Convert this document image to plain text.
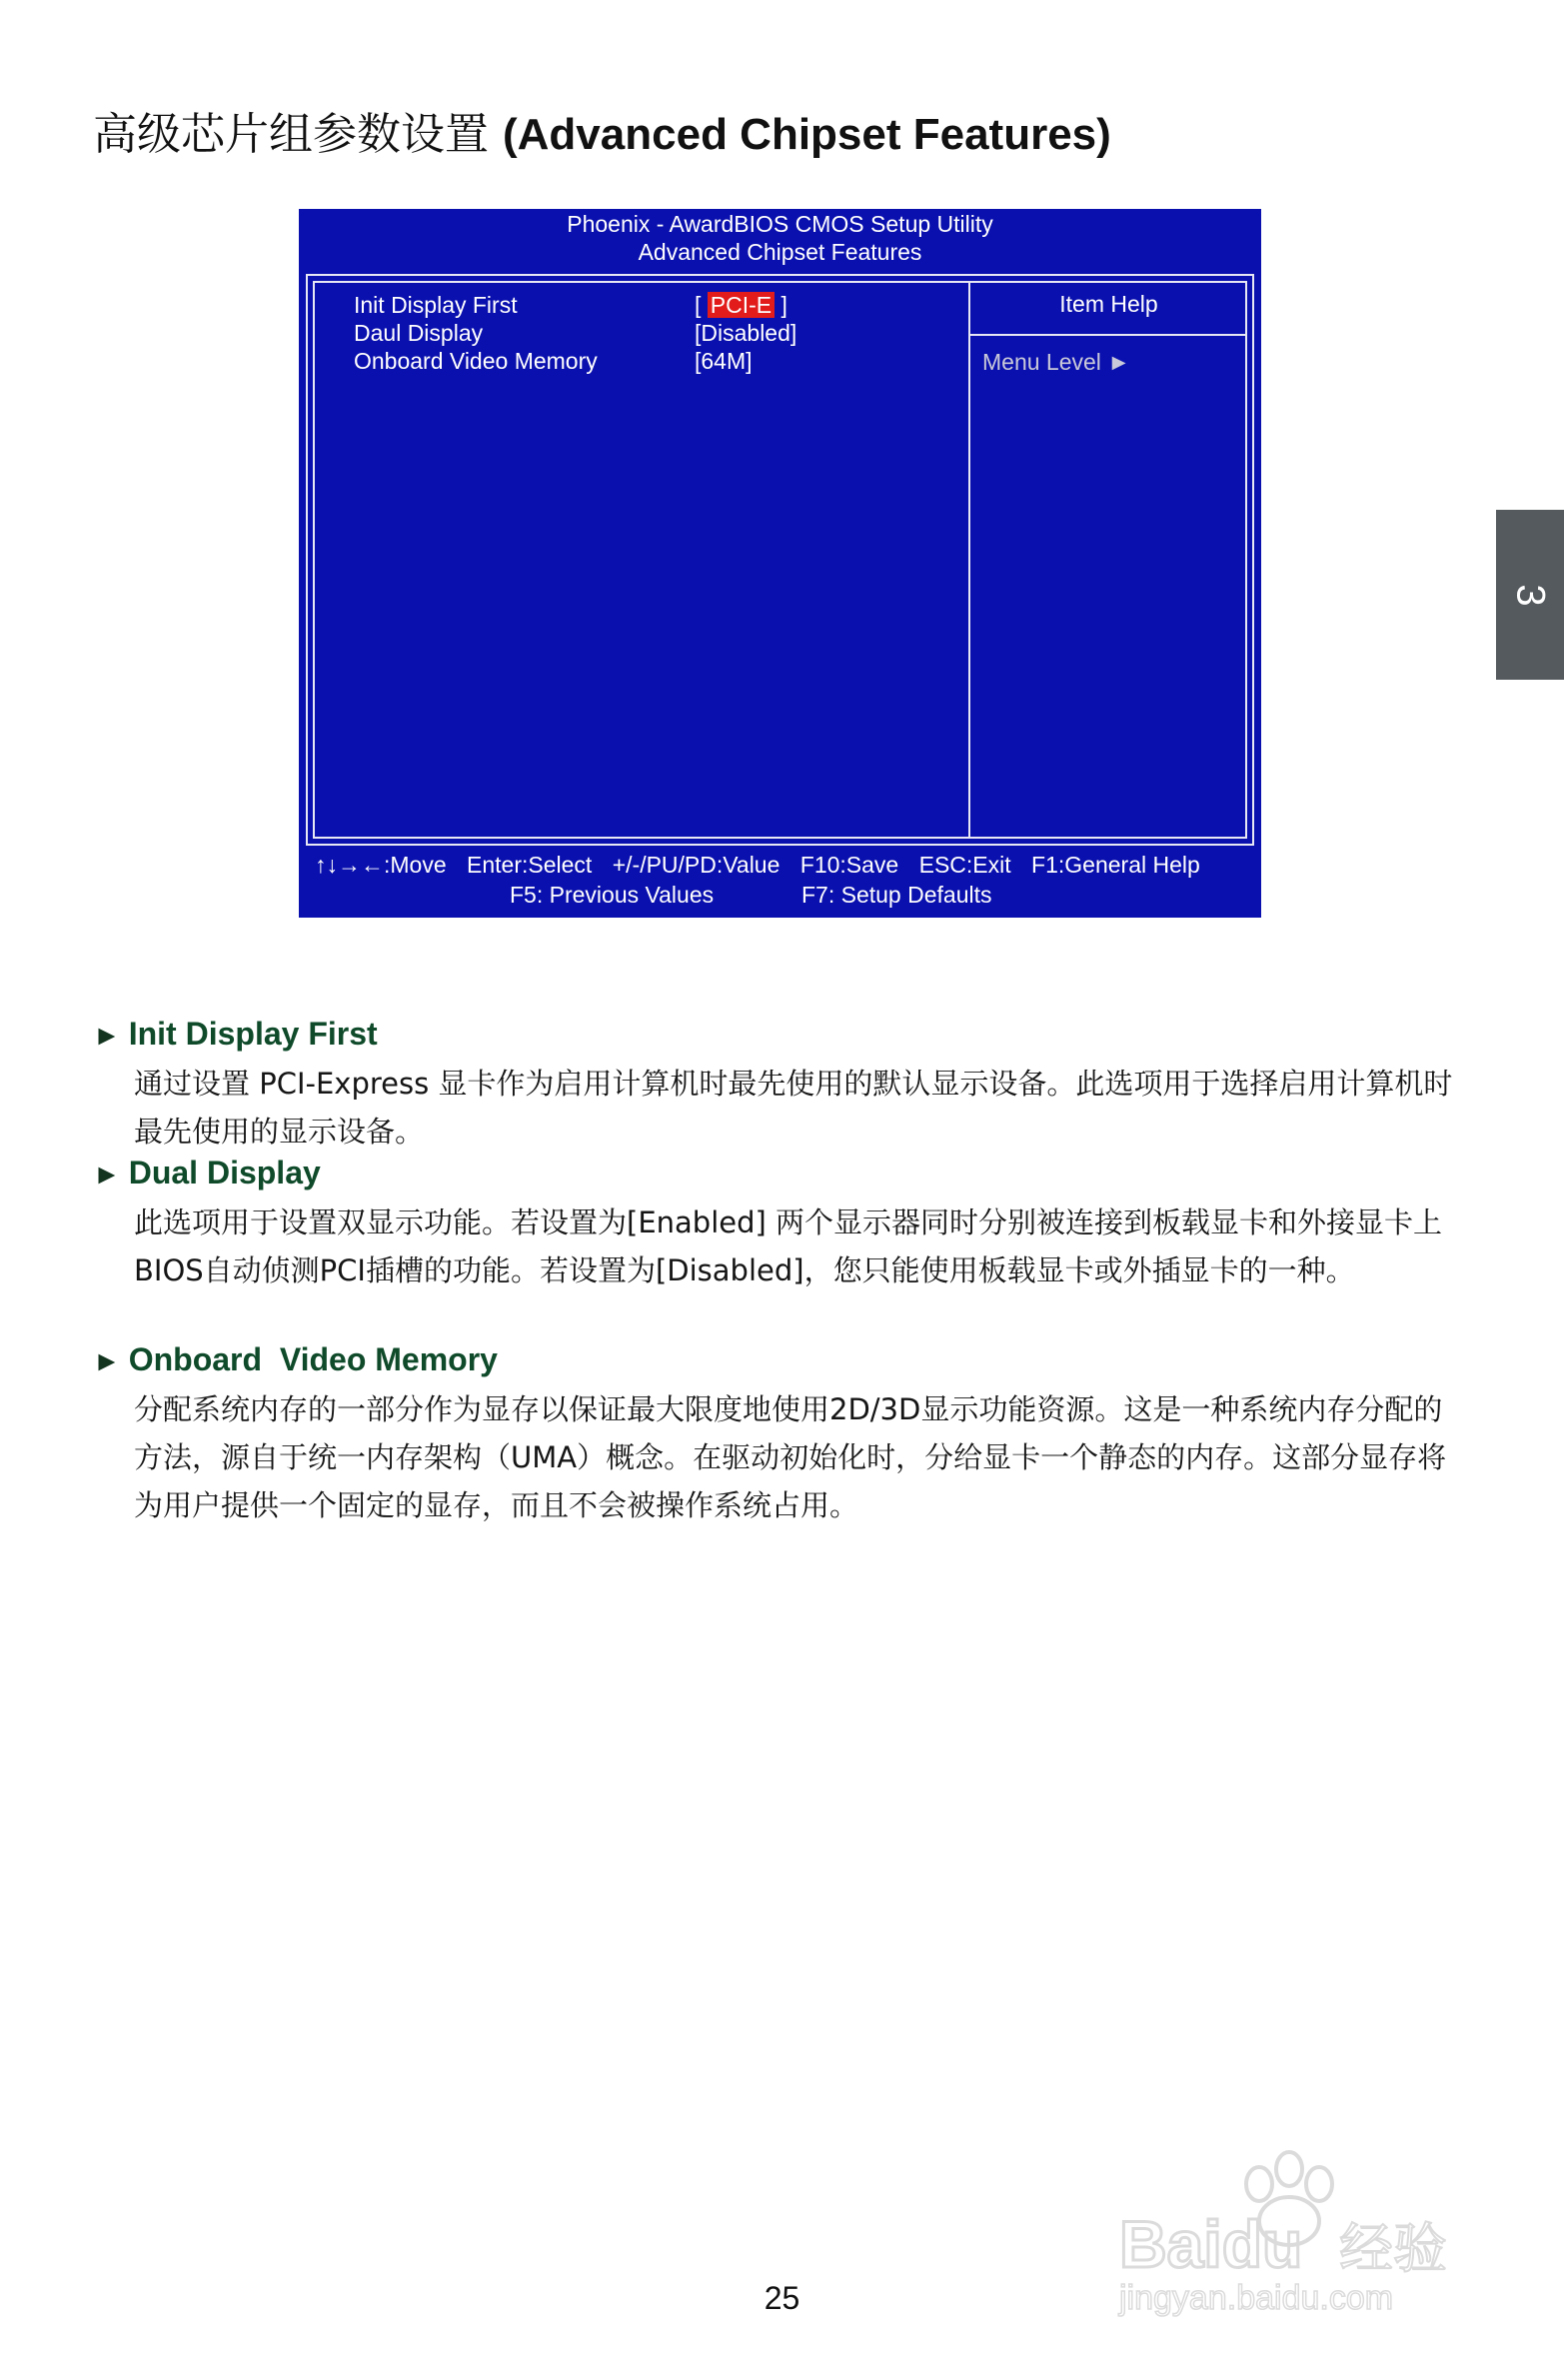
高级芯片组参数设置 (Advanced Chipset Features)
Phoenix - AwardBIOS CMOS Setup Utility
Advanced Chipset Features
Init Display First	[ PCI-E ]
Daul Display	[Disabled]
Onboard Video Memory	[64M]
Item Help
Menu Level ►
↑↓→←:Move Enter:Select +/-/PU/PD:Value F10:Save ESC:Exit F1:General Help
F5: Previous Values	F7: Setup Defaults
3
► Init Display First
通过设置 PCI-Express 显卡作为启用计算机时最先使用的默认显示设备。此选项用于选择启用计算机时最先使用的显示设备。
► Dual Display
此选项用于设置双显示功能。若设置为[Enabled] 两个显示器同时分别被连接到板载显卡和外接显卡上BIOS自动侦测PCI插槽的功能。若设置为[Disabled]，您只能使用板载显卡或外插显卡的一种。
► Onboard  Video Memory
分配系统内存的一部分作为显存以保证最大限度地使用2D/3D显示功能资源。这是一种系统内存分配的方法，源自于统一内存架构（UMA）概念。在驱动初始化时，分给显卡一个静态的内存。这部分显存将为用户提供一个固定的显存，而且不会被操作系统占用。
Baidu 经验
jingyan.baidu.com
25
